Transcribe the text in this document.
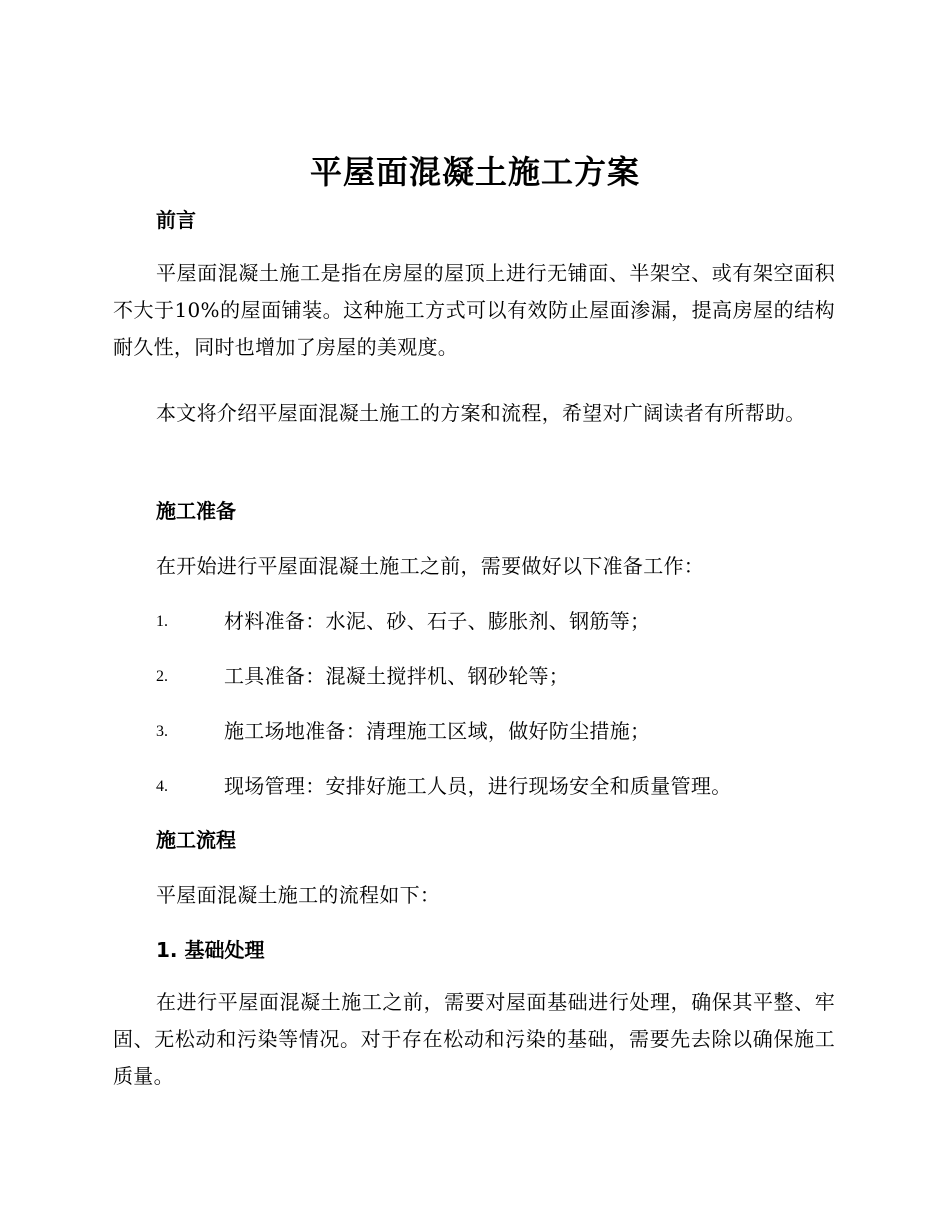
平屋面混凝土施工方案
前言
平屋面混凝土施工是指在房屋的屋顶上进行无铺面、半架空、或有架空面积不大于10%的屋面铺装。这种施工方式可以有效防止屋面渗漏，提高房屋的结构耐久性，同时也增加了房屋的美观度。
本文将介绍平屋面混凝土施工的方案和流程，希望对广阔读者有所帮助。
施工准备
在开始进行平屋面混凝土施工之前，需要做好以下准备工作：
1.	材料准备：水泥、砂、石子、膨胀剂、钢筋等；
2.	工具准备：混凝土搅拌机、钢砂轮等；
3.	施工场地准备：清理施工区域，做好防尘措施；
4.	现场管理：安排好施工人员，进行现场安全和质量管理。
施工流程
平屋面混凝土施工的流程如下：
1. 基础处理
在进行平屋面混凝土施工之前，需要对屋面基础进行处理，确保其平整、牢固、无松动和污染等情况。对于存在松动和污染的基础，需要先去除以确保施工质量。
